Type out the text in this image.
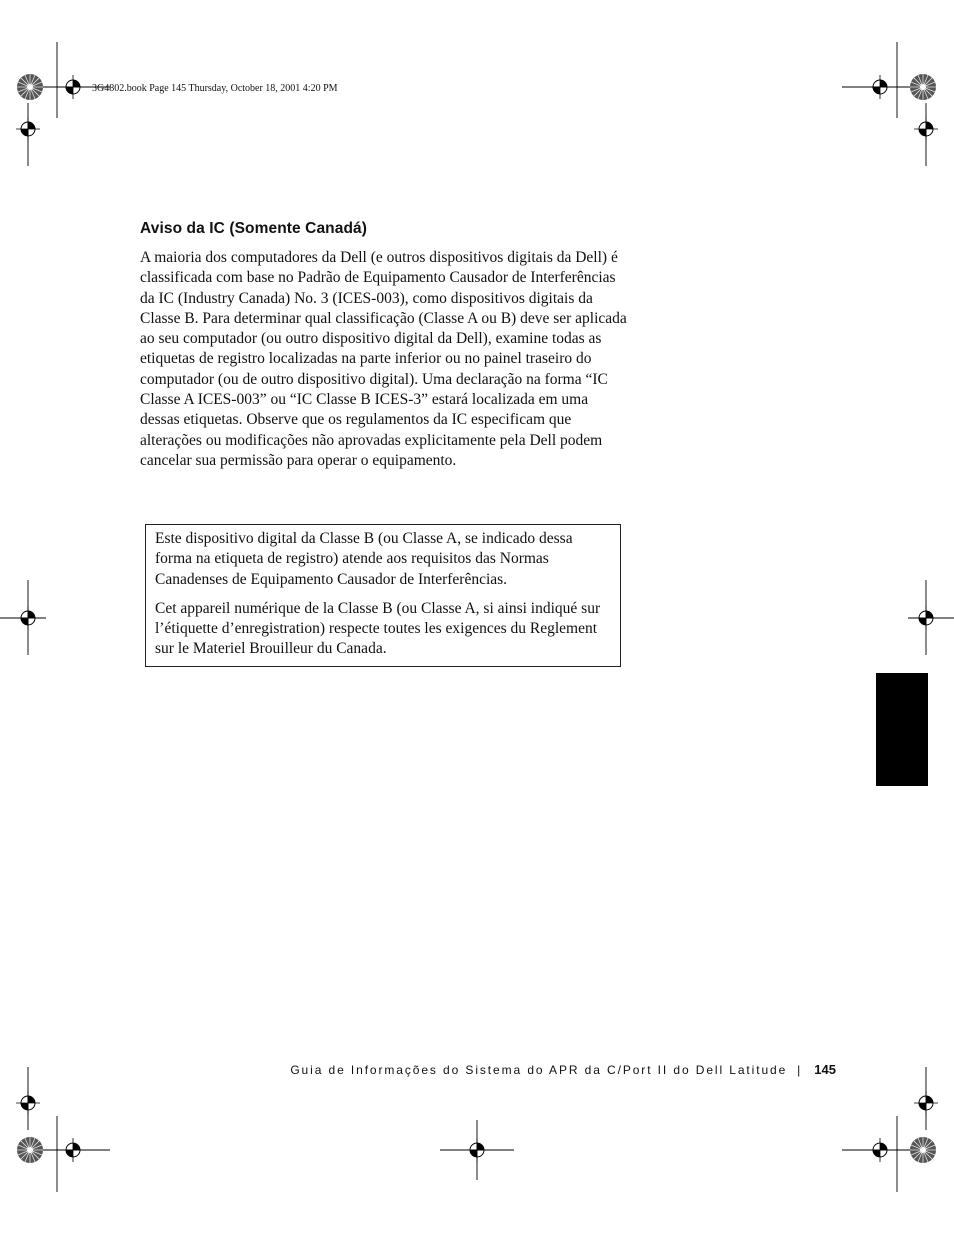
3G4802.book Page 145 Thursday, October 18, 2001 4:20 PM
Aviso da IC (Somente Canadá)

A maioria dos computadores da Dell (e outros dispositivos digitais da Dell) é classificada com base no Padrão de Equipamento Causador de Interferências da IC (Industry Canada) No. 3 (ICES-003), como dispositivos digitais da Classe B. Para determinar qual classificação (Classe A ou B) deve ser aplicada ao seu computador (ou outro dispositivo digital da Dell), examine todas as etiquetas de registro localizadas na parte inferior ou no painel traseiro do computador (ou de outro dispositivo digital). Uma declaração na forma “IC Classe A ICES-003” ou “IC Classe B ICES-3” estará localizada em uma dessas etiquetas. Observe que os regulamentos da IC especificam que alterações ou modificações não aprovadas explicitamente pela Dell podem cancelar sua permissão para operar o equipamento.

Este dispositivo digital da Classe B (ou Classe A, se indicado dessa forma na etiqueta de registro) atende aos requisitos das Normas Canadenses de Equipamento Causador de Interferências.

Cet appareil numérique de la Classe B (ou Classe A, si ainsi indiqué sur l’étiquette d’enregistration) respecte toutes les exigences du Reglement sur le Materiel Brouilleur du Canada.

Guia de Informações do Sistema do APR da C/Port II do Dell Latitude | 145
